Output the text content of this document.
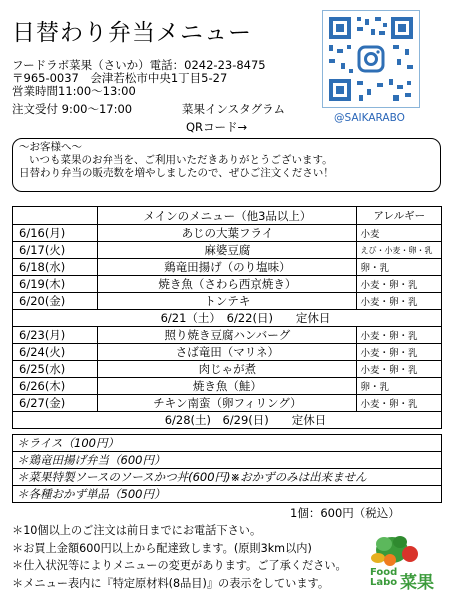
日替わり弁当メニュー
フードラボ菜果（さいか）電話：0242-23-8475
〒965-0037　会津若松市中央1丁目5-27
営業時間11:00～13:00
注文受付 9:00～17:00	菜果インスタグラム
QRコード→
@SAIKARABO
～お客様へ～
いつも菜果のお弁当を、ご利用いただきありがとうございます。
日替わり弁当の販売数を増やしましたので、ぜひご注文ください！
	メインのメニュー（他3品以上）	アレルギー
6/16(月)	あじの大葉フライ	小麦
6/17(火)	麻婆豆腐	えび・小麦・卵・乳
6/18(水)	鶏竜田揚げ（のり塩味）	卵・乳
6/19(木)	焼き魚（さわら西京焼き）	小麦・卵・乳
6/20(金)	トンテキ	小麦・卵・乳
6/21（土）　6/22(日)　　定休日		
6/23(月)	照り焼き豆腐ハンバーグ	小麦・卵・乳
6/24(火)	さば竜田（マリネ）	小麦・卵・乳
6/25(水)	肉じゃが煮	小麦・卵・乳
6/26(木)	焼き魚（鮭）	卵・乳
6/27(金)	チキン南蛮（卵フィリング）	小麦・卵・乳
6/28(土)　6/29(日)　　定休日		
＊ライス（100円）
＊鶏竜田揚げ弁当（600円）
＊菜果特製ソースのソースかつ丼(600円)※おかずのみは出来ません
＊各種おかず単品（500円）
1個：600円（税込）
＊10個以上のご注文は前日までにお電話下さい。
＊お買上金額600円以上から配達致します。(原則3km以内)
＊仕入状況等によりメニューの変更があります。ご了承ください。
＊メニュー表内に『特定原材料(8品目)』の表示をしています。
Food
Labo 菜果
